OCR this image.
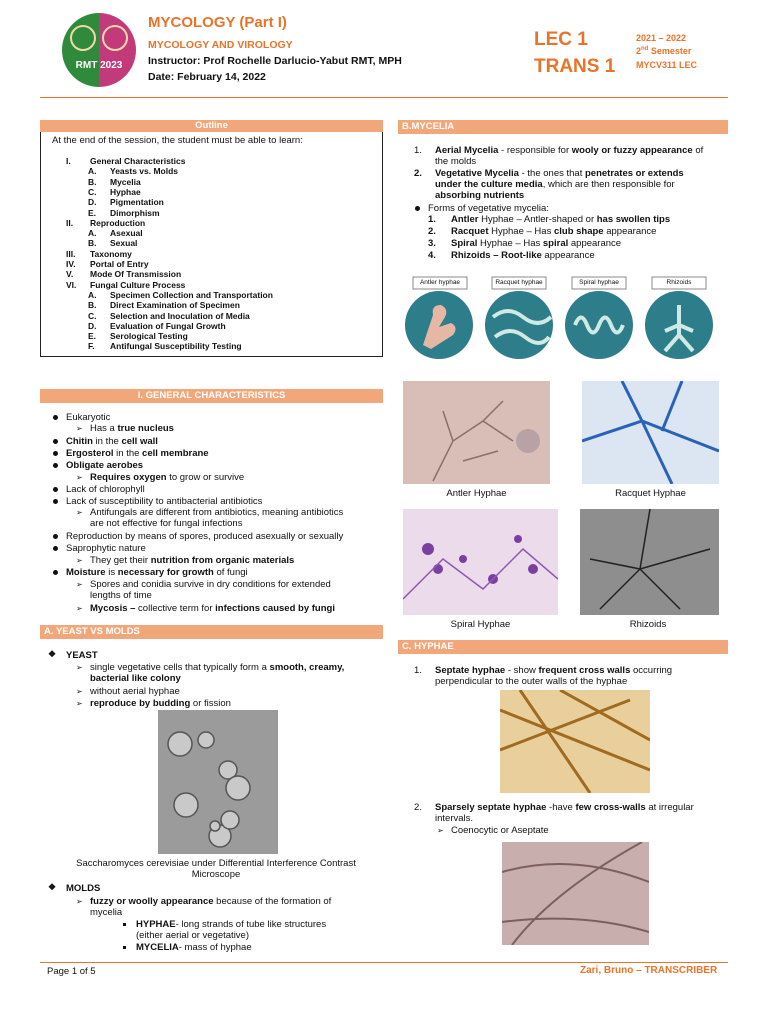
RMT 2023
MYCOLOGY (Part I)
MYCOLOGY AND VIROLOGY
Instructor: Prof Rochelle Darlucio-Yabut RMT, MPH
Date: February 14, 2022
LEC 1
TRANS 1
2021 – 2022
2nd Semester
MYCV311 LEC
Outline
At the end of the session, the student must be able to learn:
I. General Characteristics
A. Yeasts vs. Molds
B. Mycelia
C. Hyphae
D. Pigmentation
E. Dimorphism
II. Reproduction
A. Asexual
B. Sexual
III. Taxonomy
IV. Portal of Entry
V. Mode Of Transmission
VI. Fungal Culture Process
A. Specimen Collection and Transportation
B. Direct Examination of Specimen
C. Selection and Inoculation of Media
D. Evaluation of Fungal Growth
E. Serological Testing
F. Antifungal Susceptibility Testing
I. GENERAL CHARACTERISTICS
Eukaryotic
➢ Has a true nucleus
Chitin in the cell wall
Ergosterol in the cell membrane
Obligate aerobes
➢ Requires oxygen to grow or survive
Lack of chlorophyll
Lack of susceptibility to antibacterial antibiotics
➢ Antifungals are different from antibiotics, meaning antibiotics
are not effective for fungal infections
Reproduction by means of spores, produced asexually or sexually
Saprophytic nature
➢ They get their nutrition from organic materials
Moisture is necessary for growth of fungi
➢ Spores and conidia survive in dry conditions for extended
lengths of time
➢ Mycosis – collective term for infections caused by fungi
A. YEAST VS MOLDS
❖ YEAST
➢ single vegetative cells that typically form a smooth, creamy,
bacterial like colony
➢ without aerial hyphae
➢ reproduce by budding or fission
Saccharomyces cerevisiae under Differential Interference Contrast
Microscope
❖ MOLDS
➢ fuzzy or woolly appearance because of the formation of
mycelia
HYPHAE- long strands of tube like structures
(either aerial or vegetative)
MYCELIA- mass of hyphae
B.MYCELIA
1. Aerial Mycelia - responsible for wooly or fuzzy appearance of
the molds
2. Vegetative Mycelia - the ones that penetrates or extends
under the culture media, which are then responsible for
absorbing nutrients
Forms of vegetative mycelia:
1. Antler Hyphae – Antler-shaped or has swollen tips
2. Racquet Hyphae – Has club shape appearance
3. Spiral Hyphae – Has spiral appearance
4. Rhizoids – Root-like appearance
Antler hyphae	Racquet hyphae	Spiral hyphae	Rhizoids
Antler Hyphae	Racquet Hyphae
Spiral Hyphae	Rhizoids
C. HYPHAE
1. Septate hyphae - show frequent cross walls occurring
perpendicular to the outer walls of the hyphae
2. Sparsely septate hyphae -have few cross-walls at irregular
intervals.
➢ Coenocytic or Aseptate
Page 1 of 5	Zari, Bruno – TRANSCRIBER
